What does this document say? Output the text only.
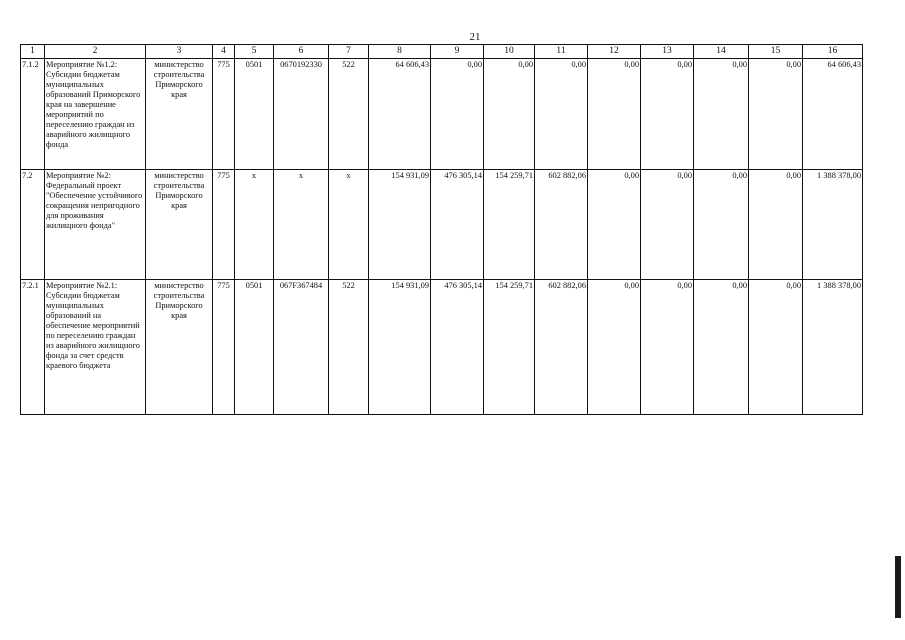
21
1	2	3	4	5	6	7	8	9	10	11	12	13	14	15	16
7.1.2	Мероприятие №1.2: Субсидии бюджетам муниципальных образований Приморского края на завершение мероприятий по переселению граждан из аварийного жилищного фонда	министерство строительства Приморского края	775	0501	0670192330	522	64 606,43	0,00	0,00	0,00	0,00	0,00	0,00	0,00	64 606,43
7.2	Мероприятие №2: Федеральный проект "Обеспечение устойчивого сокращения непригодного для проживания жилищного фонда"	министерство строительства Приморского края	775	х	х	х	154 931,09	476 305,14	154 259,71	602 882,06	0,00	0,00	0,00	0,00	1 388 378,00
7.2.1	Мероприятие №2.1: Субсидии бюджетам муниципальных образований на обеспечение мероприятий по переселению граждан из аварийного жилищного фонда за счет средств краевого бюджета	министерство строительства Приморского края	775	0501	067F367484	522	154 931,09	476 305,14	154 259,71	602 882,06	0,00	0,00	0,00	0,00	1 388 378,00
